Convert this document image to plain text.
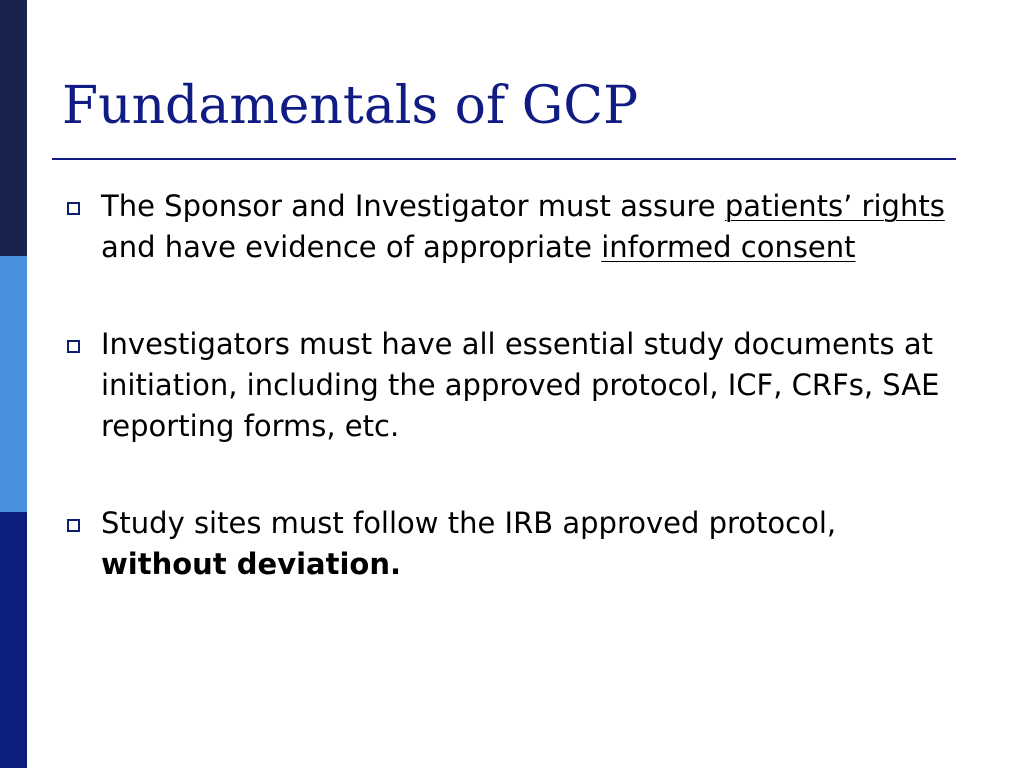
Fundamentals of GCP
The Sponsor and Investigator must assure patients’ rights and have evidence of appropriate informed consent
Investigators must have all essential study documents at initiation, including the approved protocol, ICF, CRFs, SAE reporting forms, etc.
Study sites must follow the IRB approved protocol, without deviation.
